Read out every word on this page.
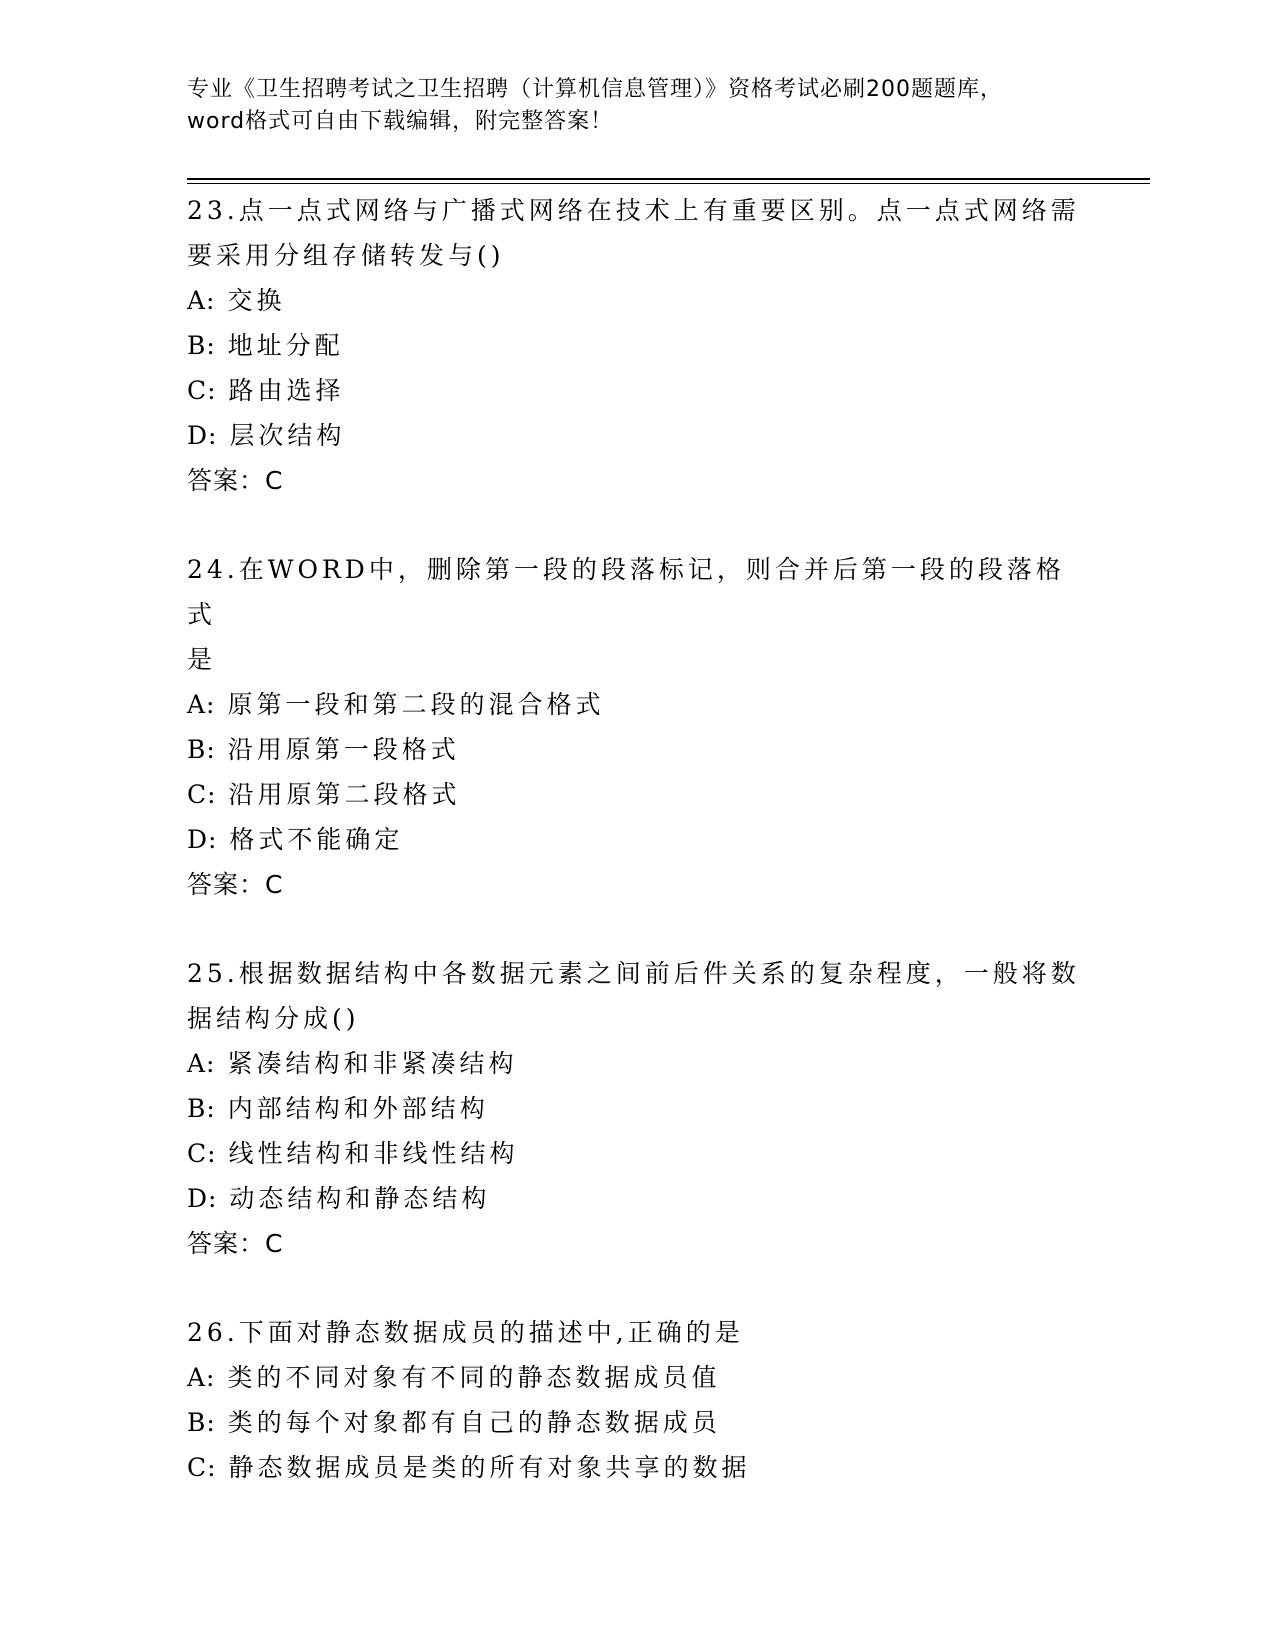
专业《卫生招聘考试之卫生招聘（计算机信息管理）》资格考试必刷200题题库，
word格式可自由下载编辑，附完整答案！

23.点一点式网络与广播式网络在技术上有重要区别。点一点式网络需
要采用分组存储转发与()

A: 交换

B: 地址分配

C: 路由选择

D: 层次结构

答案：C

24.在WORD中，删除第一段的段落标记，则合并后第一段的段落格式
是

A: 原第一段和第二段的混合格式

B: 沿用原第一段格式

C: 沿用原第二段格式

D: 格式不能确定

答案：C

25.根据数据结构中各数据元素之间前后件关系的复杂程度，一般将数
据结构分成()

A: 紧凑结构和非紧凑结构

B: 内部结构和外部结构

C: 线性结构和非线性结构

D: 动态结构和静态结构

答案：C

26.下面对静态数据成员的描述中,正确的是

A: 类的不同对象有不同的静态数据成员值

B: 类的每个对象都有自己的静态数据成员

C: 静态数据成员是类的所有对象共享的数据
